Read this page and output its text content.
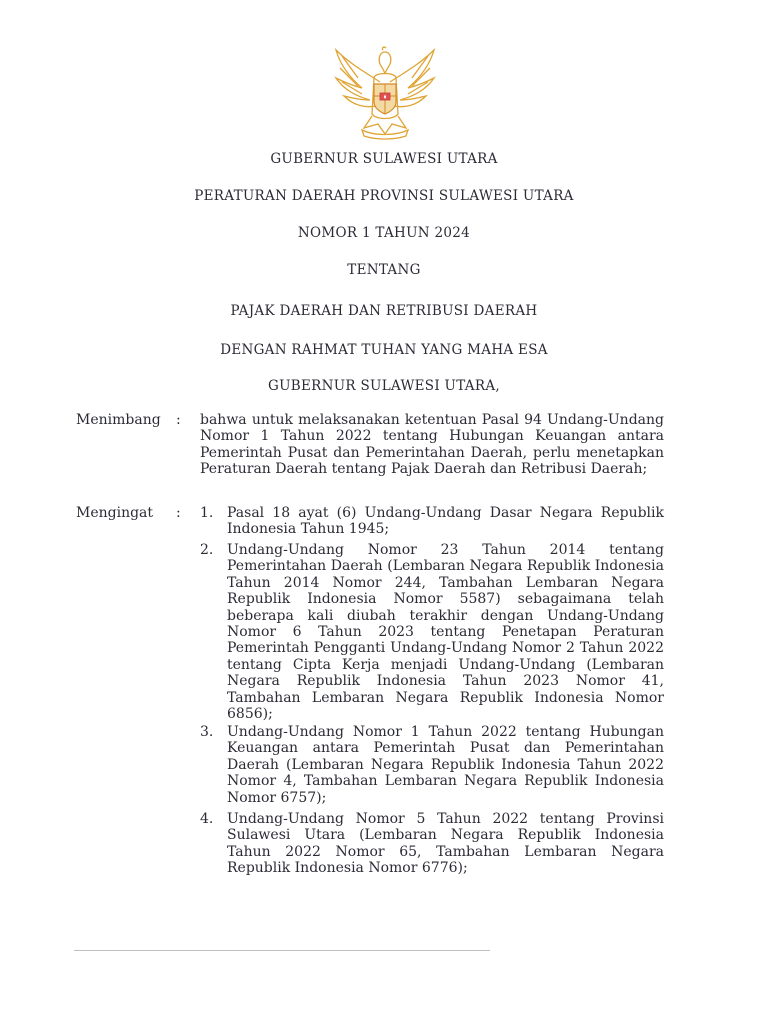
GUBERNUR SULAWESI UTARA
PERATURAN DAERAH PROVINSI SULAWESI UTARA
NOMOR 1 TAHUN 2024
TENTANG
PAJAK DAERAH DAN RETRIBUSI DAERAH
DENGAN RAHMAT TUHAN YANG MAHA ESA
GUBERNUR SULAWESI UTARA,
Menimbang : bahwa untuk melaksanakan ketentuan Pasal 94 Undang-Undang Nomor 1 Tahun 2022 tentang Hubungan Keuangan antara Pemerintah Pusat dan Pemerintahan Daerah, perlu menetapkan Peraturan Daerah tentang Pajak Daerah dan Retribusi Daerah;
Mengingat : 1. Pasal 18 ayat (6) Undang-Undang Dasar Negara Republik Indonesia Tahun 1945;
2. Undang-Undang Nomor 23 Tahun 2014 tentang Pemerintahan Daerah (Lembaran Negara Republik Indonesia Tahun 2014 Nomor 244, Tambahan Lembaran Negara Republik Indonesia Nomor 5587) sebagaimana telah beberapa kali diubah terakhir dengan Undang-Undang Nomor 6 Tahun 2023 tentang Penetapan Peraturan Pemerintah Pengganti Undang-Undang Nomor 2 Tahun 2022 tentang Cipta Kerja menjadi Undang-Undang (Lembaran Negara Republik Indonesia Tahun 2023 Nomor 41, Tambahan Lembaran Negara Republik Indonesia Nomor 6856);
3. Undang-Undang Nomor 1 Tahun 2022 tentang Hubungan Keuangan antara Pemerintah Pusat dan Pemerintahan Daerah (Lembaran Negara Republik Indonesia Tahun 2022 Nomor 4, Tambahan Lembaran Negara Republik Indonesia Nomor 6757);
4. Undang-Undang Nomor 5 Tahun 2022 tentang Provinsi Sulawesi Utara (Lembaran Negara Republik Indonesia Tahun 2022 Nomor 65, Tambahan Lembaran Negara Republik Indonesia Nomor 6776);
